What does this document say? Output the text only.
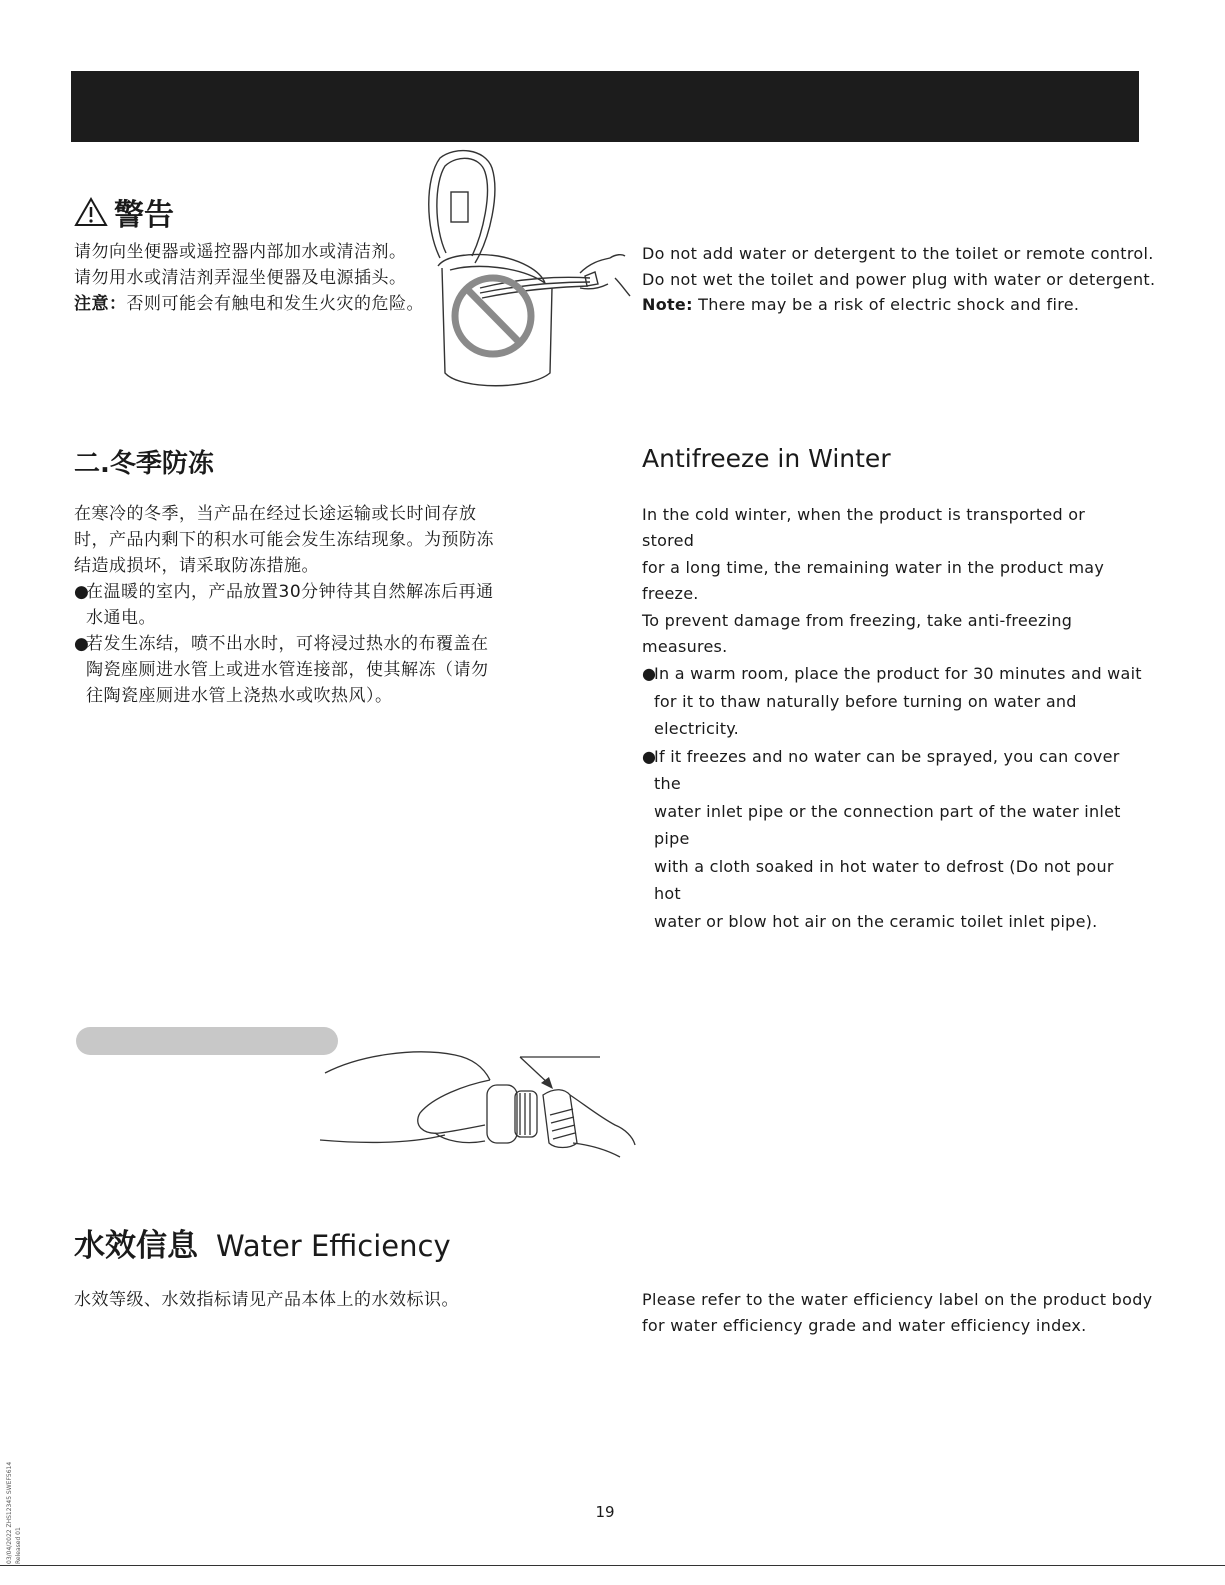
警告
请勿向坐便器或遥控器内部加水或清洁剂。
请勿用水或清洁剂弄湿坐便器及电源插头。
注意：否则可能会有触电和发生火灾的危险。
Do not add water or detergent to the toilet or remote control.
Do not wet the toilet and power plug with water or detergent.
Note: There may be a risk of electric shock and fire.
二.冬季防冻	Antifreeze in Winter
在寒冷的冬季，当产品在经过长途运输或长时间存放
时，产品内剩下的积水可能会发生冻结现象。为预防冻
结造成损坏，请采取防冻措施。
●
在温暖的室内，产品放置30分钟待其自然解冻后再通
水通电。
●
若发生冻结，喷不出水时，可将浸过热水的布覆盖在
陶瓷座厕进水管上或进水管连接部，使其解冻（请勿
往陶瓷座厕进水管上浇热水或吹热风）。
In the cold winter, when the product is transported or stored
for a long time, the remaining water in the product may freeze.
To prevent damage from freezing, take anti-freezing measures.
●
In a warm room, place the product for 30 minutes and wait
for it to thaw naturally before turning on water and electricity.
●
If it freezes and no water can be sprayed, you can cover the
water inlet pipe or the connection part of the water inlet pipe
with a cloth soaked in hot water to defrost (Do not pour hot
water or blow hot air on the ceramic toilet inlet pipe).
水效信息 Water Efficiency
水效等级、水效指标请见产品本体上的水效标识。	Please refer to the water efficiency label on the product body
for water efficiency grade and water efficiency index.
19
03/04/2022 ZHS12345 SWEF5614 Released 01
